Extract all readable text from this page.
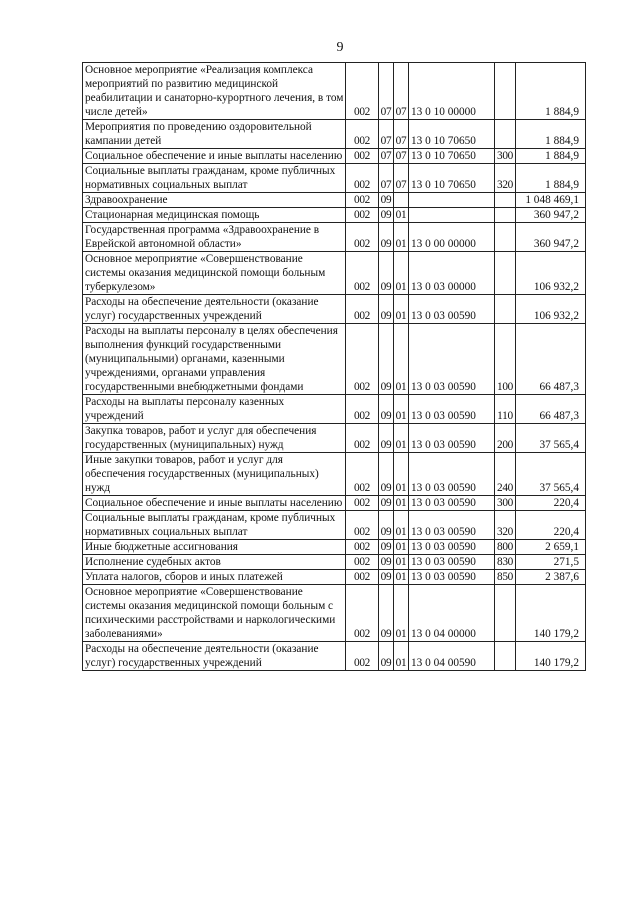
9
Основное мероприятие «Реализация комплекса мероприятий по развитию медицинской реабилитации и санаторно-курортного лечения, в том числе детей»	002	07	07	13 0 10 00000		1 884,9
Мероприятия по проведению оздоровительной кампании детей	002	07	07	13 0 10 70650		1 884,9
Социальное обеспечение и иные выплаты населению	002	07	07	13 0 10 70650	300	1 884,9
Социальные выплаты гражданам, кроме публичных нормативных социальных выплат	002	07	07	13 0 10 70650	320	1 884,9
Здравоохранение	002	09				1 048 469,1
Стационарная медицинская помощь	002	09	01			360 947,2
Государственная программа «Здравоохранение в Еврейской автономной области»	002	09	01	13 0 00 00000		360 947,2
Основное мероприятие «Совершенствование системы оказания медицинской помощи больным туберкулезом»	002	09	01	13 0 03 00000		106 932,2
Расходы на обеспечение деятельности (оказание услуг) государственных учреждений	002	09	01	13 0 03 00590		106 932,2
Расходы на выплаты персоналу в целях обеспечения выполнения функций государственными (муниципальными) органами, казенными учреждениями, органами управления государственными внебюджетными фондами	002	09	01	13 0 03 00590	100	66 487,3
Расходы на выплаты персоналу казенных учреждений	002	09	01	13 0 03 00590	110	66 487,3
Закупка товаров, работ и услуг для обеспечения государственных (муниципальных) нужд	002	09	01	13 0 03 00590	200	37 565,4
Иные закупки товаров, работ и услуг для обеспечения государственных (муниципальных) нужд	002	09	01	13 0 03 00590	240	37 565,4
Социальное обеспечение и иные выплаты населению	002	09	01	13 0 03 00590	300	220,4
Социальные выплаты гражданам, кроме публичных нормативных социальных выплат	002	09	01	13 0 03 00590	320	220,4
Иные бюджетные ассигнования	002	09	01	13 0 03 00590	800	2 659,1
Исполнение судебных актов	002	09	01	13 0 03 00590	830	271,5
Уплата налогов, сборов и иных платежей	002	09	01	13 0 03 00590	850	2 387,6
Основное мероприятие «Совершенствование системы оказания медицинской помощи больным с психическими расстройствами и наркологическими заболеваниями»	002	09	01	13 0 04 00000		140 179,2
Расходы на обеспечение деятельности (оказание услуг) государственных учреждений	002	09	01	13 0 04 00590		140 179,2
